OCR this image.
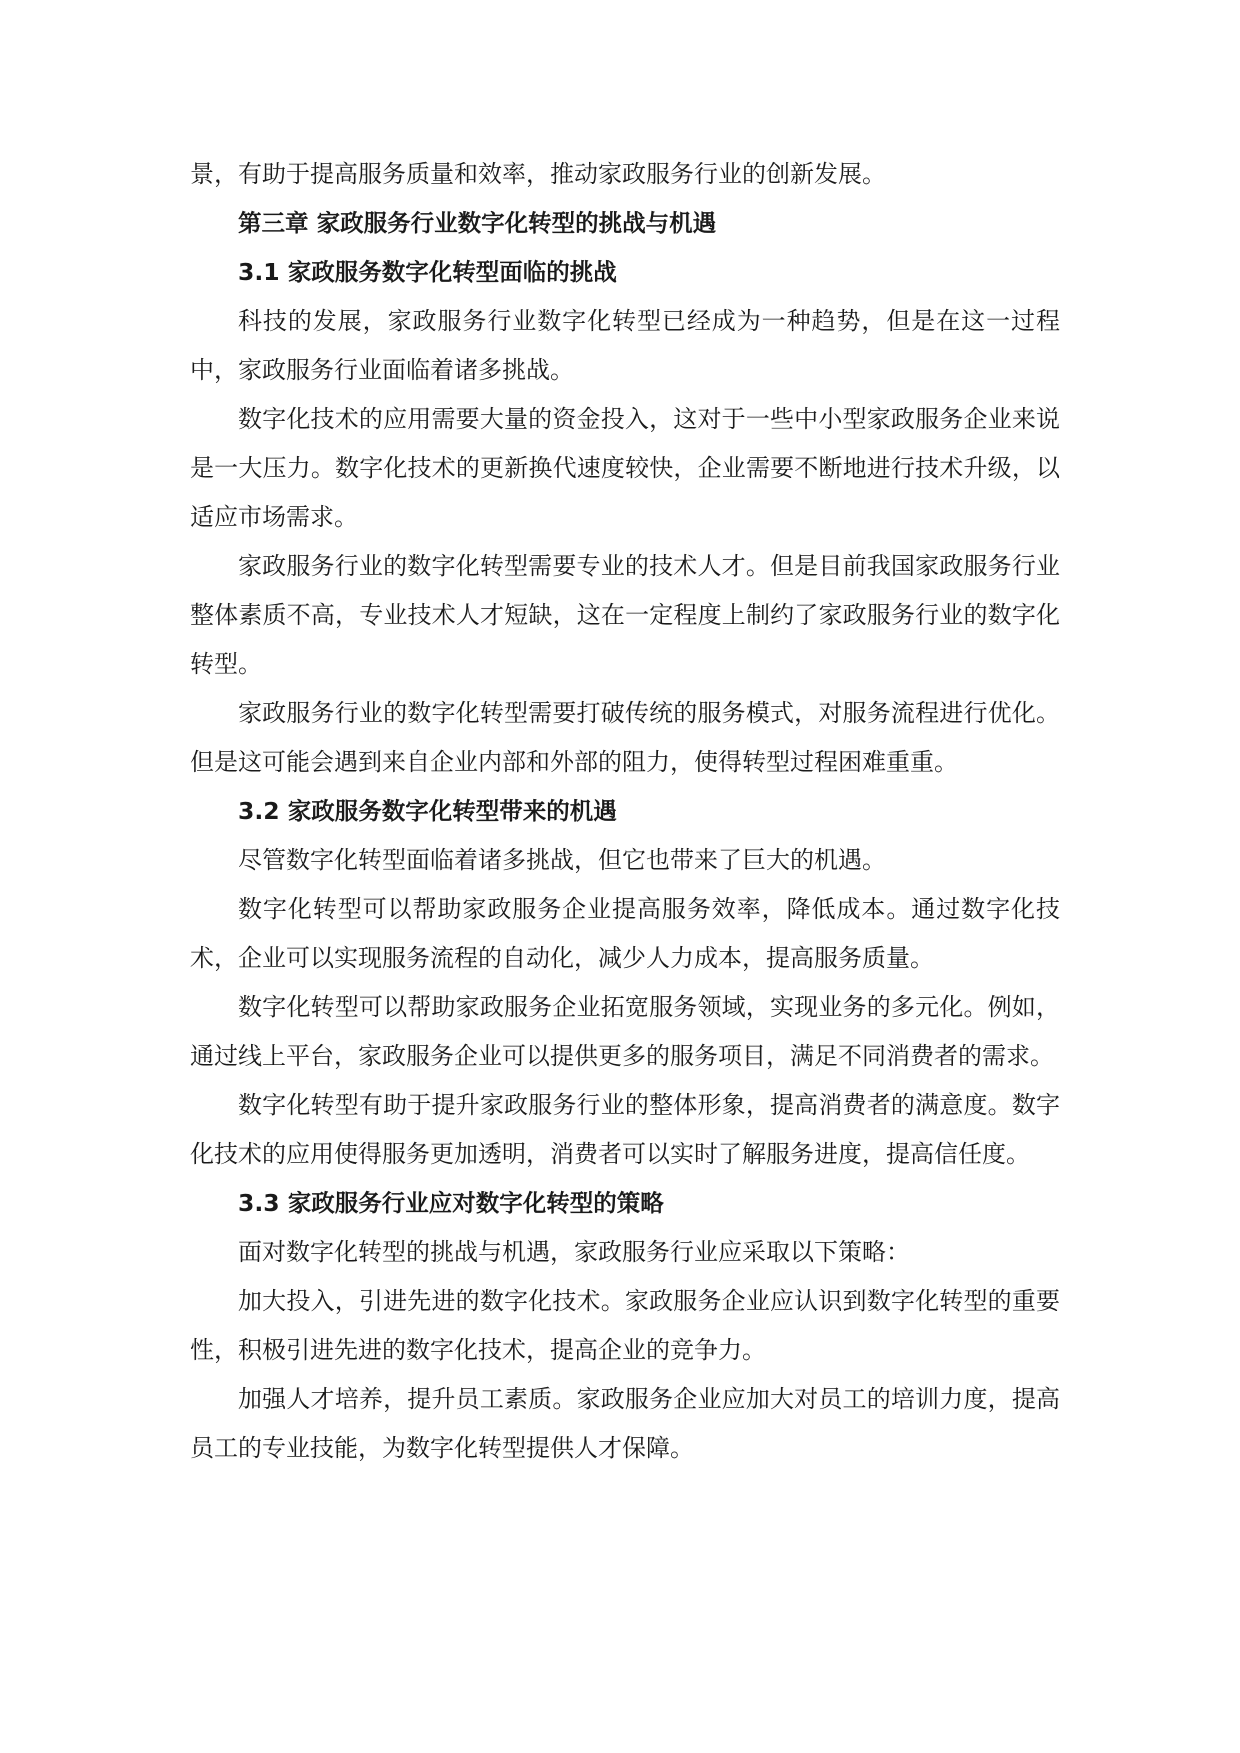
景，有助于提高服务质量和效率，推动家政服务行业的创新发展。

第三章 家政服务行业数字化转型的挑战与机遇
3.1 家政服务数字化转型面临的挑战

科技的发展，家政服务行业数字化转型已经成为一种趋势，但是在这一过程中，家政服务行业面临着诸多挑战。

数字化技术的应用需要大量的资金投入，这对于一些中小型家政服务企业来说是一大压力。数字化技术的更新换代速度较快，企业需要不断地进行技术升级，以适应市场需求。

家政服务行业的数字化转型需要专业的技术人才。但是目前我国家政服务行业整体素质不高，专业技术人才短缺，这在一定程度上制约了家政服务行业的数字化转型。

家政服务行业的数字化转型需要打破传统的服务模式，对服务流程进行优化。但是这可能会遇到来自企业内部和外部的阻力，使得转型过程困难重重。

3.2 家政服务数字化转型带来的机遇

尽管数字化转型面临着诸多挑战，但它也带来了巨大的机遇。

数字化转型可以帮助家政服务企业提高服务效率，降低成本。通过数字化技术，企业可以实现服务流程的自动化，减少人力成本，提高服务质量。

数字化转型可以帮助家政服务企业拓宽服务领域，实现业务的多元化。例如，通过线上平台，家政服务企业可以提供更多的服务项目，满足不同消费者的需求。

数字化转型有助于提升家政服务行业的整体形象，提高消费者的满意度。数字化技术的应用使得服务更加透明，消费者可以实时了解服务进度，提高信任度。

3.3 家政服务行业应对数字化转型的策略

面对数字化转型的挑战与机遇，家政服务行业应采取以下策略：

加大投入，引进先进的数字化技术。家政服务企业应认识到数字化转型的重要性，积极引进先进的数字化技术，提高企业的竞争力。

加强人才培养，提升员工素质。家政服务企业应加大对员工的培训力度，提高员工的专业技能，为数字化转型提供人才保障。
